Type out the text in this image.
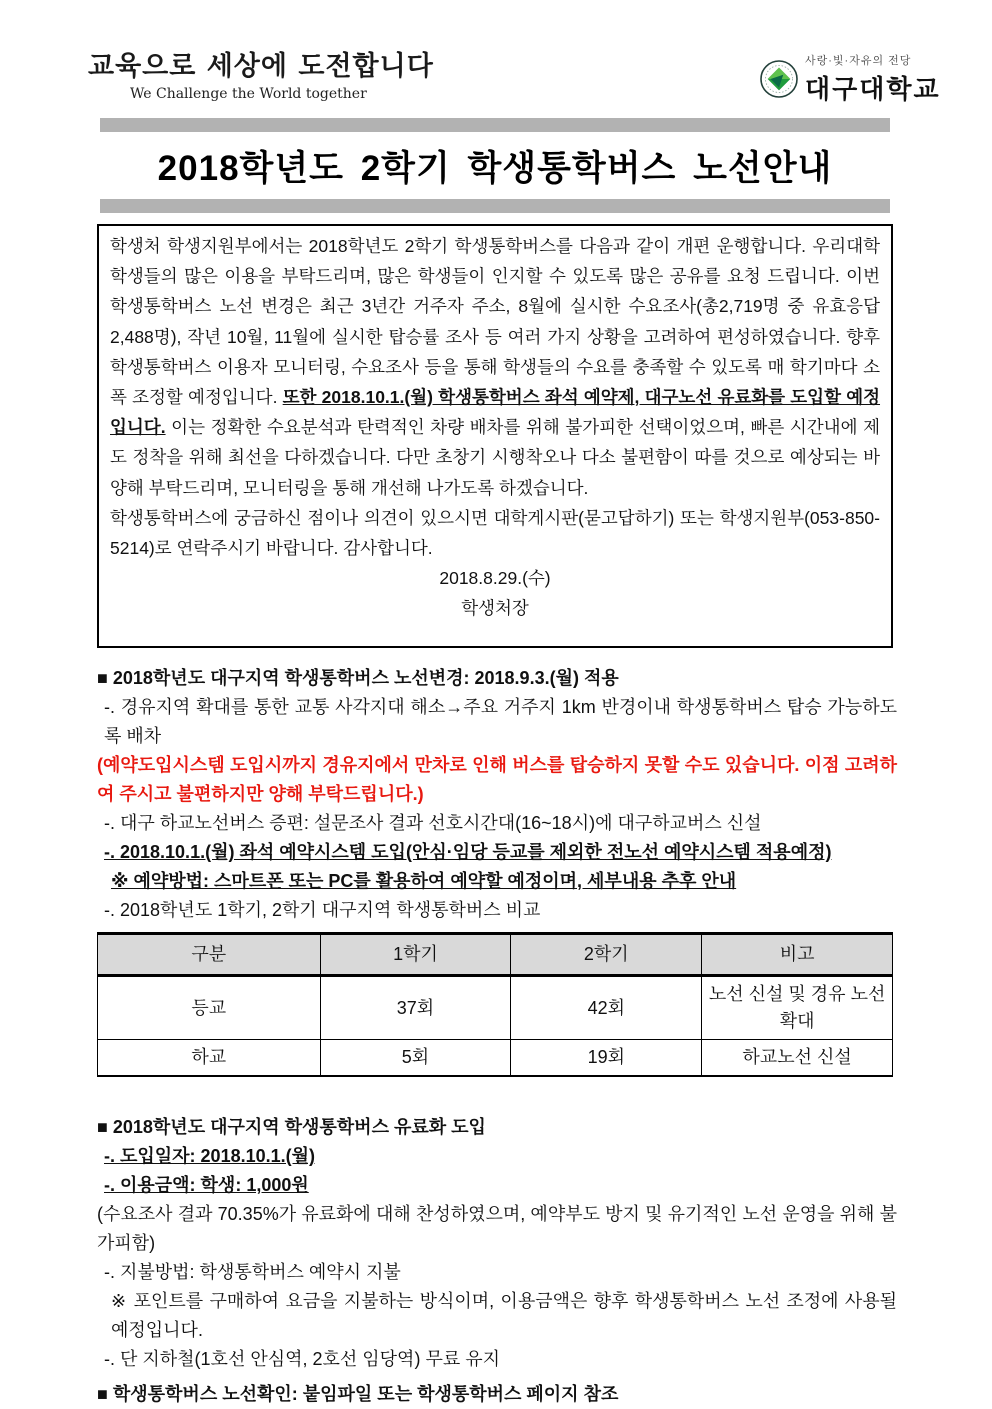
교육으로 세상에 도전합니다
We Challenge the World together
사랑·빛·자유의 전당
대구대학교
2018학년도 2학기 학생통학버스 노선안내
학생처 학생지원부에서는 2018학년도 2학기 학생통학버스를 다음과 같이 개편 운행합니다. 우리대학 학생들의 많은 이용을 부탁드리며, 많은 학생들이 인지할 수 있도록 많은 공유를 요청 드립니다. 이번 학생통학버스 노선 변경은 최근 3년간 거주자 주소, 8월에 실시한 수요조사(총2,719명 중 유효응답 2,488명), 작년 10월, 11월에 실시한 탑승률 조사 등 여러 가지 상황을 고려하여 편성하였습니다. 향후 학생통학버스 이용자 모니터링, 수요조사 등을 통해 학생들의 수요를 충족할 수 있도록 매 학기마다 소폭 조정할 예정입니다. 또한 2018.10.1.(월) 학생통학버스 좌석 예약제, 대구노선 유료화를 도입할 예정입니다. 이는 정확한 수요분석과 탄력적인 차량 배차를 위해 불가피한 선택이었으며, 빠른 시간내에 제도 정착을 위해 최선을 다하겠습니다. 다만 초창기 시행착오나 다소 불편함이 따를 것으로 예상되는 바 양해 부탁드리며, 모니터링을 통해 개선해 나가도록 하겠습니다.
학생통학버스에 궁금하신 점이나 의견이 있으시면 대학게시판(묻고답하기) 또는 학생지원부(053-850-5214)로 연락주시기 바랍니다. 감사합니다.
2018.8.29.(수)
학생처장
■ 2018학년도 대구지역 학생통학버스 노선변경: 2018.9.3.(월) 적용
-. 경유지역 확대를 통한 교통 사각지대 해소→주요 거주지 1km 반경이내 학생통학버스 탑승 가능하도록 배차
(예약도입시스템 도입시까지 경유지에서 만차로 인해 버스를 탑승하지 못할 수도 있습니다. 이점 고려하여 주시고 불편하지만 양해 부탁드립니다.)
-. 대구 하교노선버스 증편: 설문조사 결과 선호시간대(16~18시)에 대구하교버스 신설
-. 2018.10.1.(월) 좌석 예약시스템 도입(안심·임당 등교를 제외한 전노선 예약시스템 적용예정)
※ 예약방법: 스마트폰 또는 PC를 활용하여 예약할 예정이며, 세부내용 추후 안내
-. 2018학년도 1학기, 2학기 대구지역 학생통학버스 비교
구분	1학기	2학기	비고
등교	37회	42회	노선 신설 및 경유 노선 확대
하교	5회	19회	하교노선 신설
■ 2018학년도 대구지역 학생통학버스 유료화 도입
-. 도입일자: 2018.10.1.(월)
-. 이용금액: 학생: 1,000원
(수요조사 결과 70.35%가 유료화에 대해 찬성하였으며, 예약부도 방지 및 유기적인 노선 운영을 위해 불가피함)
-. 지불방법: 학생통학버스 예약시 지불
※ 포인트를 구매하여 요금을 지불하는 방식이며, 이용금액은 향후 학생통학버스 노선 조정에 사용될 예정입니다.
-. 단 지하철(1호선 안심역, 2호선 임당역) 무료 유지
■ 학생통학버스 노선확인: 붙임파일 또는 학생통학버스 페이지 참조
